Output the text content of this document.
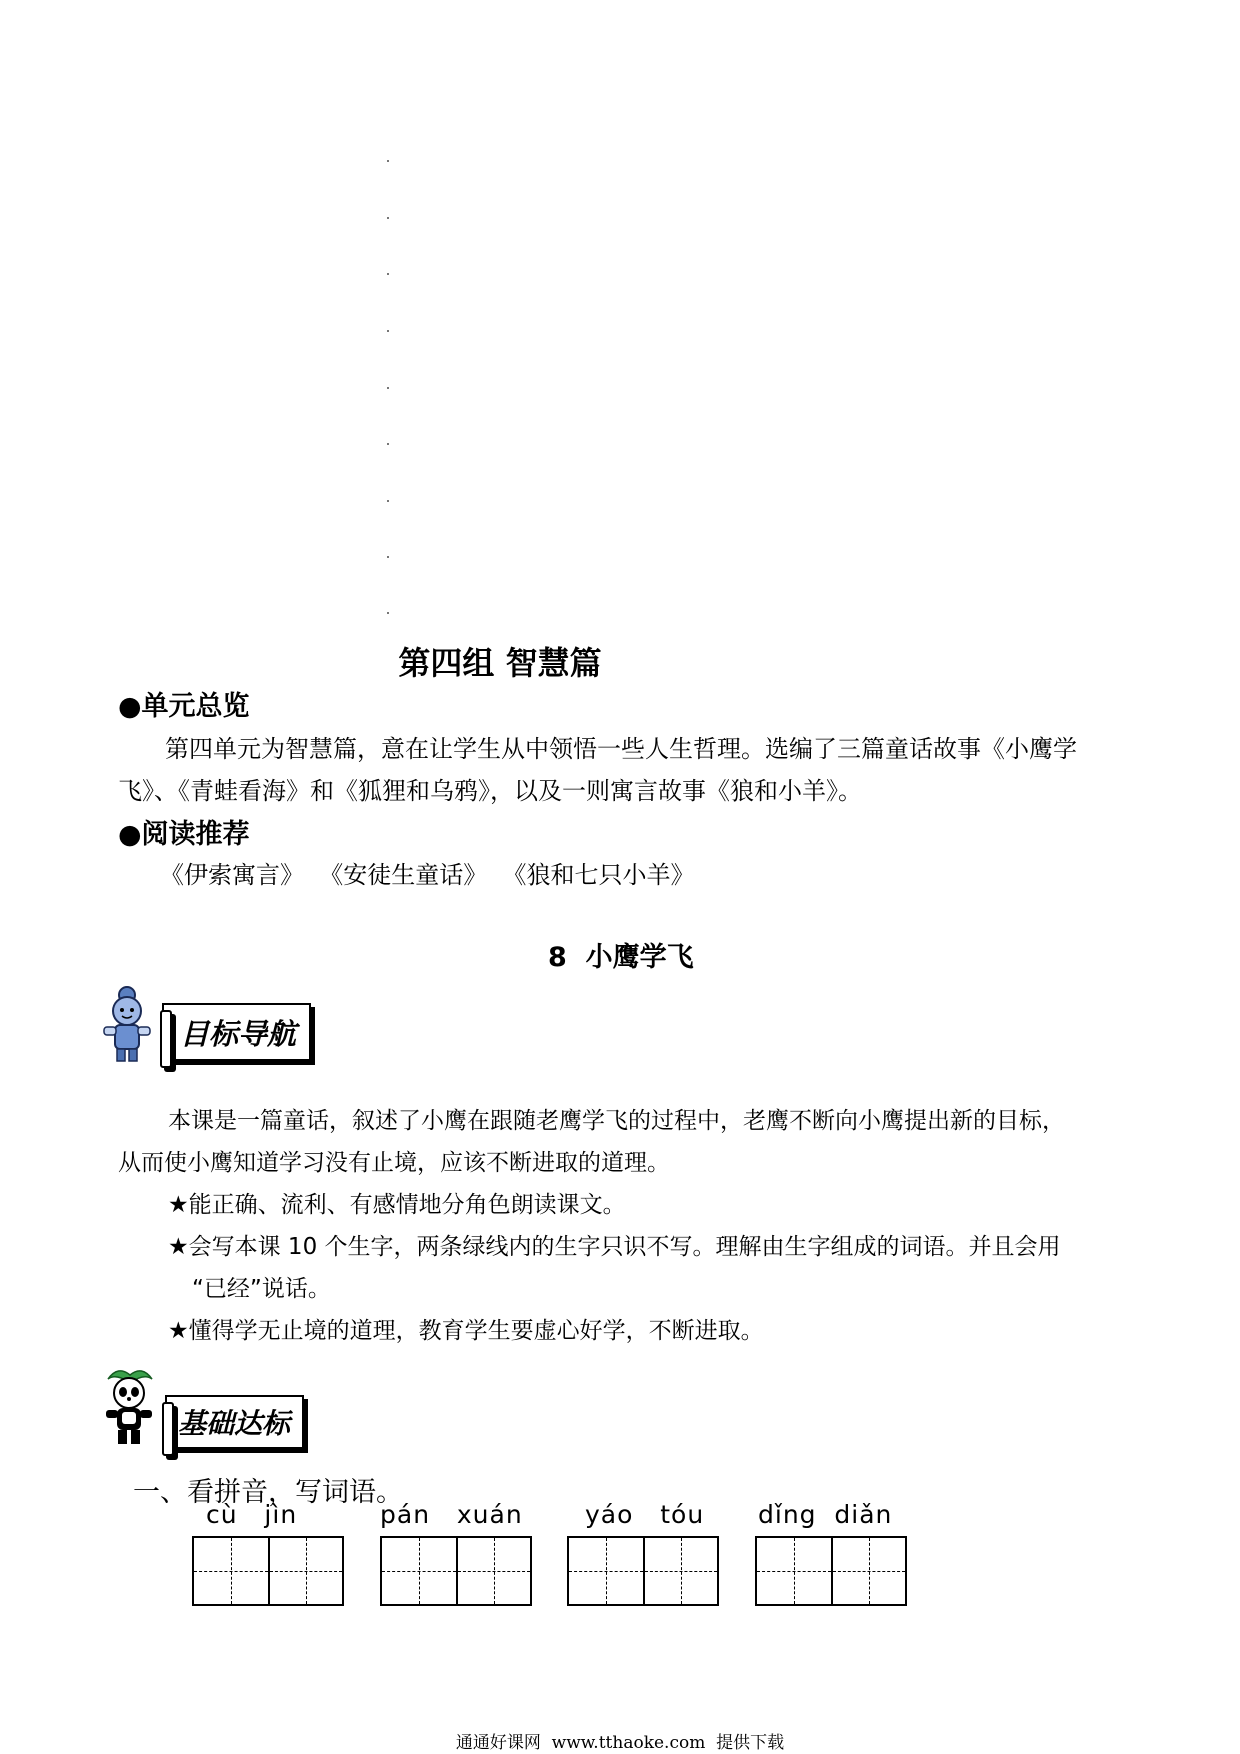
第四组 智慧篇
●单元总览
第四单元为智慧篇，意在让学生从中领悟一些人生哲理。选编了三篇童话故事《小鹰学
飞》、《青蛙看海》和《狐狸和乌鸦》，以及一则寓言故事《狼和小羊》。
●阅读推荐
《伊索寓言》  《安徒生童话》  《狼和七只小羊》
8  小鹰学飞
目标导航
本课是一篇童话，叙述了小鹰在跟随老鹰学飞的过程中，老鹰不断向小鹰提出新的目标，
从而使小鹰知道学习没有止境，应该不断进取的道理。
★能正确、流利、有感情地分角色朗读课文。
★会写本课 10 个生字，两条绿线内的生字只识不写。理解由生字组成的词语。并且会用
“已经”说话。
★懂得学无止境的道理，教育学生要虚心好学，不断进取。
基础达标
一、看拼音，写词语。
cù   jìn	pán   xuán yáo   tóu dǐng  diǎn
通通好课网  www.tthaoke.com  提供下载
